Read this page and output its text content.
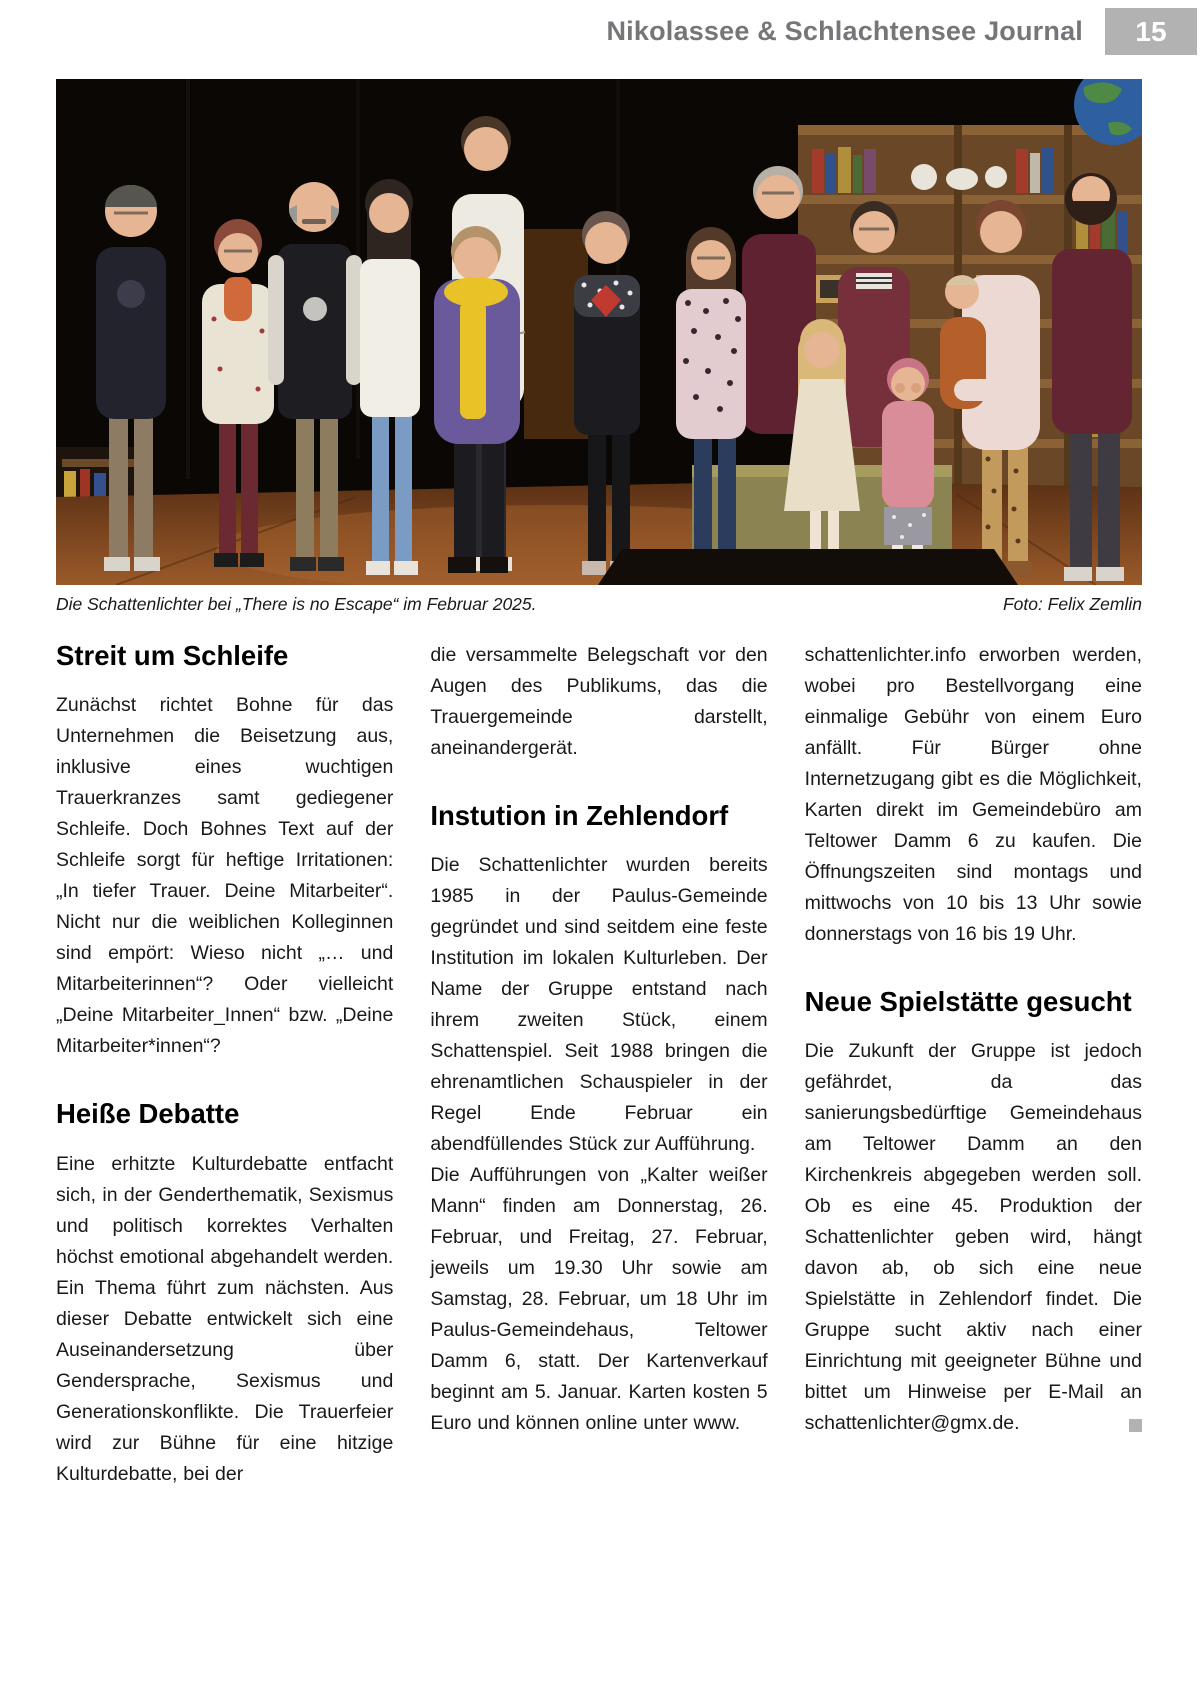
Nikolassee & Schlachtensee Journal	15
Die Schattenlichter bei „There is no Escape“ im Februar 2025.	Foto: Felix Zemlin
Streit um Schleife

Zunächst richtet Bohne für das Unternehmen die Beisetzung aus, inklusive eines wuchtigen Trauerkranzes samt gediegener Schleife. Doch Bohnes Text auf der Schleife sorgt für heftige Irritationen: „In tiefer Trauer. Deine Mitarbeiter“. Nicht nur die weiblichen Kolleginnen sind empört: Wieso nicht „… und Mitarbeiterinnen“? Oder vielleicht „Deine Mitarbeiter_Innen“ bzw. „Deine Mitarbeiter*innen“?

Heiße Debatte

Eine erhitzte Kulturdebatte entfacht sich, in der Genderthematik, Sexismus und politisch korrektes Verhalten höchst emotional abgehandelt werden. Ein Thema führt zum nächsten. Aus dieser Debatte entwickelt sich eine Auseinandersetzung über Gendersprache, Sexismus und Generationskonflikte. Die Trauerfeier wird zur Bühne für eine hitzige Kulturdebatte, bei der

die versammelte Belegschaft vor den Augen des Publikums, das die Trauergemeinde darstellt, aneinandergerät.

Instution in Zehlendorf

Die Schattenlichter wurden bereits 1985 in der Paulus-Gemeinde gegründet und sind seitdem eine feste Institution im lokalen Kulturleben. Der Name der Gruppe entstand nach ihrem zweiten Stück, einem Schattenspiel. Seit 1988 bringen die ehrenamtlichen Schauspieler in der Regel Ende Februar ein abendfüllendes Stück zur Aufführung.

Die Aufführungen von „Kalter weißer Mann“ finden am Donnerstag, 26. Februar, und Freitag, 27. Februar, jeweils um 19.30 Uhr sowie am Samstag, 28. Februar, um 18 Uhr im Paulus-Gemeindehaus, Teltower Damm 6, statt. Der Kartenverkauf beginnt am 5. Januar. Karten kosten 5 Euro und können online unter www.

schattenlichter.info erworben werden, wobei pro Bestellvorgang eine einmalige Gebühr von einem Euro anfällt. Für Bürger ohne Internetzugang gibt es die Möglichkeit, Karten direkt im Gemeindebüro am Teltower Damm 6 zu kaufen. Die Öffnungszeiten sind montags und mittwochs von 10 bis 13 Uhr sowie donnerstags von 16 bis 19 Uhr.

Neue Spielstätte gesucht

Die Zukunft der Gruppe ist jedoch gefährdet, da das sanierungsbedürftige Gemeindehaus am Teltower Damm an den Kirchenkreis abgegeben werden soll. Ob es eine 45. Produktion der Schattenlichter geben wird, hängt davon ab, ob sich eine neue Spielstätte in Zehlendorf findet. Die Gruppe sucht aktiv nach einer Einrichtung mit geeigneter Bühne und bittet um Hinweise per E-Mail an schattenlichter@gmx.de.
